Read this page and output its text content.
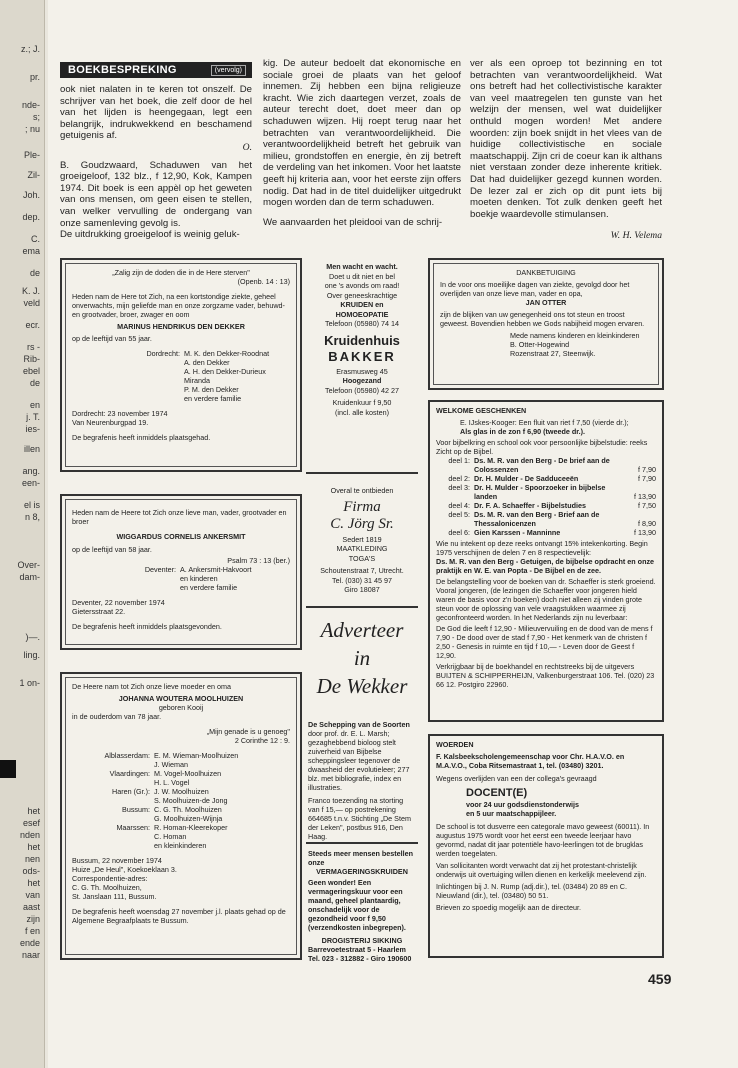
z.; J.
pr.
nde-
s;
; nu
Ple-
Zil-
Joh.
dep.
C.
ema
de
K. J.
veld
ecr.
rs -
Rib-
ebel
de
en
j. T.
ies-
illen
ang.
een-
el is
n 8,
Over-
dam-
)—.
ling.
1 on-
het
esef
nden
het
nen
ods-
het
van
aast
zijn
f en
ende
naar
BOEKBESPREKING	(vervolg)

ook niet nalaten in te keren tot onszelf. De schrijver van het boek, die zelf door de hel van het lijden is heengegaan, legt een belangrijk, indrukwekkend en beschamend getuigenis af.

O.

B. Goudzwaard, Schaduwen van het groeigeloof, 132 blz., f 12,90, Kok, Kampen 1974. Dit boek is een appèl op het geweten van ons mensen, om geen eisen te stellen, van welker vervulling de ondergang van onze samenleving gevolg is.

De uitdrukking groeigeloof is weinig geluk-

kig. De auteur bedoelt dat ekonomische en sociale groei de plaats van het geloof innemen. Zij hebben een bijna religieuze kracht. Wie zich daartegen verzet, zoals de auteur terecht doet, doet meer dan op schaduwen wijzen. Hij roept terug naar het betrachten van verantwoordelijkheid. Die verantwoordelijkheid betreft het gebruik van milieu, grondstoffen en energie, èn zij betreft de verdeling van het inkomen. Voor het laatste geeft hij kriteria aan, voor het eerste zijn offers nodig. Dat had in de titel duidelijker uitgedrukt mogen worden dan de term schaduwen.

We aanvaarden het pleidooi van de schrij-

ver als een oproep tot bezinning en tot betrachten van verantwoordelijkheid. Wat ons betreft had het collectivistische karakter van veel maatregelen ten gunste van het welzijn der mensen, wel wat duidelijker onthuld mogen worden! Met andere woorden: zijn boek snijdt in het vlees van de huidige collectivistische en sociale maatschappij. Zijn cri de coeur kan ik althans niet verstaan zonder deze inherente kritiek. Dat had duidelijker gezegd kunnen worden. De lezer zal er zich op dit punt iets bij moeten denken. Tot zulk denken geeft het boekje waardevolle stimulansen.

W. H. Velema

„Zalig zijn de doden die in de Here sterven"
(Openb. 14 : 13)
Heden nam de Here tot Zich, na een kortstondige ziekte, geheel onverwachts, mijn geliefde man en onze zorgzame vader, behuwd- en grootvader, broer, zwager en oom
MARINUS HENDRIKUS DEN DEKKER
op de leeftijd van 55 jaar.
Dordrecht: M. K. den Dekker-Roodnat
A. den Dekker
A. H. den Dekker-Durieux
Miranda
P. M. den Dekker
en verdere familie
Dordrecht: 23 november 1974
Van Neurenburgpad 19.
De begrafenis heeft inmiddels plaatsgehad.
Heden nam de Heere tot Zich onze lieve man, vader, grootvader en broer
WIGGARDUS CORNELIS ANKERSMIT
op de leeftijd van 58 jaar.
Psalm 73 : 13 (ber.)
Deventer: A. Ankersmit-Hakvoort
en kinderen
en verdere familie
Deventer, 22 november 1974
Gietersstraat 22.
De begrafenis heeft inmiddels plaatsgevonden.
De Heere nam tot Zich onze lieve moeder en oma
JOHANNA WOUTERA MOOLHUIZEN
geboren Kooij
in de ouderdom van 78 jaar.
„Mijn genade is u genoeg"
2 Corinthe 12 : 9.
Alblasserdam: E. M. Wieman-Moolhuizen
J. Wieman
Vlaardingen: M. Vogel-Moolhuizen
H. L. Vogel
Haren (Gr.): J. W. Moolhuizen
S. Moolhuizen-de Jong
Bussum: C. G. Th. Moolhuizen
G. Moolhuizen-Wijnja
Maarssen: R. Homan-Kleerekoper
C. Homan
en kleinkinderen
Bussum, 22 november 1974
Huize „De Heul", Koekoeklaan 3.
Correspondentie-adres:
C. G. Th. Moolhuizen,
St. Janslaan 111, Bussum.
De begrafenis heeft woensdag 27 november j.l. plaats gehad op de Algemene Begraafplaats te Bussum.
Men wacht en wacht.
Doet u dit niet en bel
one 's avonds om raad!
Over geneeskrachtige
KRUIDEN en
HOMOEOPATIE
Telefoon (05980) 74 14
Kruidenhuis
BAKKER
Erasmusweg 45
Hoogezand
Telefoon (05980) 42 27
Kruidenkuur f 9,50
(incl. alle kosten)
Overal te ontbieden
Firma
C. Jörg Sr.
Sedert 1819
MAATKLEDING
TOGA'S
Schoutenstraat 7, Utrecht.
Tel. (030) 31 45 97
Giro 18087
Adverteer
in
De Wekker
De Schepping van de Soorten
door prof. dr. E. L. Marsh; gezaghebbend bioloog stelt zuiverheid van Bijbelse scheppingsleer tegenover de dwaasheid der evolutieleer; 277 blz. met bibliografie, index en illustraties.
Franco toezending na storting van f 15,— op postrekening 664685 t.n.v. Stichting „De Stem der Leken", postbus 916, Den Haag.
Steeds meer mensen bestellen onze
VERMAGERINGSKRUIDEN
Geen wonder! Een vermageringskuur voor een maand, geheel plantaardig, onschadelijk voor de gezondheid voor f 9,50 (verzendkosten inbegrepen).
DROGISTERIJ SIKKING
Barrevoetestraat 5 - Haarlem
Tel. 023 - 312882 - Giro 190600
DANKBETUIGING
In de voor ons moeilijke dagen van ziekte, gevolgd door het overlijden van onze lieve man, vader en opa,
JAN OTTER
zijn de blijken van uw genegenheid ons tot steun en troost geweest. Bovendien hebben we Gods nabijheid mogen ervaren.
Mede namens kinderen en kleinkinderen
B. Otter-Hogewind
Rozenstraat 27, Steenwijk.
WELKOME GESCHENKEN
E. IJskes-Kooger: Een fluit van riet f 7,50 (vierde dr.);
Als glas in de zon f 6,90 (tweede dr.).
Voor bijbelkring en school ook voor persoonlijke bijbelstudie: reeks Zicht op de Bijbel.
deel 1: Ds. M. R. van den Berg - De brief aan de Colossenzen	f 7,90
deel 2: Dr. H. Mulder - De Sadduceeën	f 7,90
deel 3: Dr. H. Mulder - Spoorzoeker in bijbelse landen	f 13,90
deel 4: Dr. F. A. Schaeffer - Bijbelstudies	f 7,50
deel 5: Ds. M. R. van den Berg - Brief aan de Thessalonicenzen	f 8,90
deel 6: Gien Karssen - Manninne	f 13,90
Wie nu intekent op deze reeks ontvangt 15% intekenkorting. Begin 1975 verschijnen de delen 7 en 8 respectievelijk:
Ds. M. R. van den Berg - Getuigen, de bijbelse opdracht en onze praktijk en W. E. van Popta - De Bijbel en de zee.
De belangstelling voor de boeken van dr. Schaeffer is sterk groeiend. Vooral jongeren, (de lezingen die Schaeffer voor jongeren hield waren de basis voor z'n boeken) doch niet alleen zij vinden grote steun voor de oplossing van vele vraagstukken waarmee zij geconfronteerd worden. In het Nederlands zijn nu leverbaar:
De God die leeft f 12,90 - Milieuvervuiling en de dood van de mens f 7,90 - De dood over de stad f 7,90 - Het kenmerk van de christen f 2,50 - Genesis in ruimte en tijd f 10,— - Leven door de Geest f 12,90.
Verkrijgbaar bij de boekhandel en rechtstreeks bij de uitgevers BUIJTEN & SCHIPPERHEIJN, Valkenburgerstraat 106. Tel. (020) 23 66 12. Postgiro 22960.
WOERDEN
F. Kalsbeekscholengemeenschap voor Chr. H.A.V.O. en M.A.V.O., Coba Ritsemastraat 1, tel. (03480) 3201.
Wegens overlijden van een der collega's gevraagd
DOCENT(E)
voor 24 uur godsdienstonderwijs
en 5 uur maatschappijleer.
De school is tot dusverre een categorale mavo geweest (60011). In augustus 1975 wordt voor het eerst een tweede leerjaar havo gevormd, nadat dit jaar potentiële havo-leerlingen tot de brugklas werden toegelaten.
Van sollicitanten wordt verwacht dat zij het protestant-christelijk onderwijs uit overtuiging willen dienen en kerkelijk meelevend zijn.
Inlichtingen bij J. N. Rump (adj.dir.), tel. (03484) 20 89 en C. Nieuwland (dir.), tel. (03480) 50 51.
Brieven zo spoedig mogelijk aan de directeur.
459
